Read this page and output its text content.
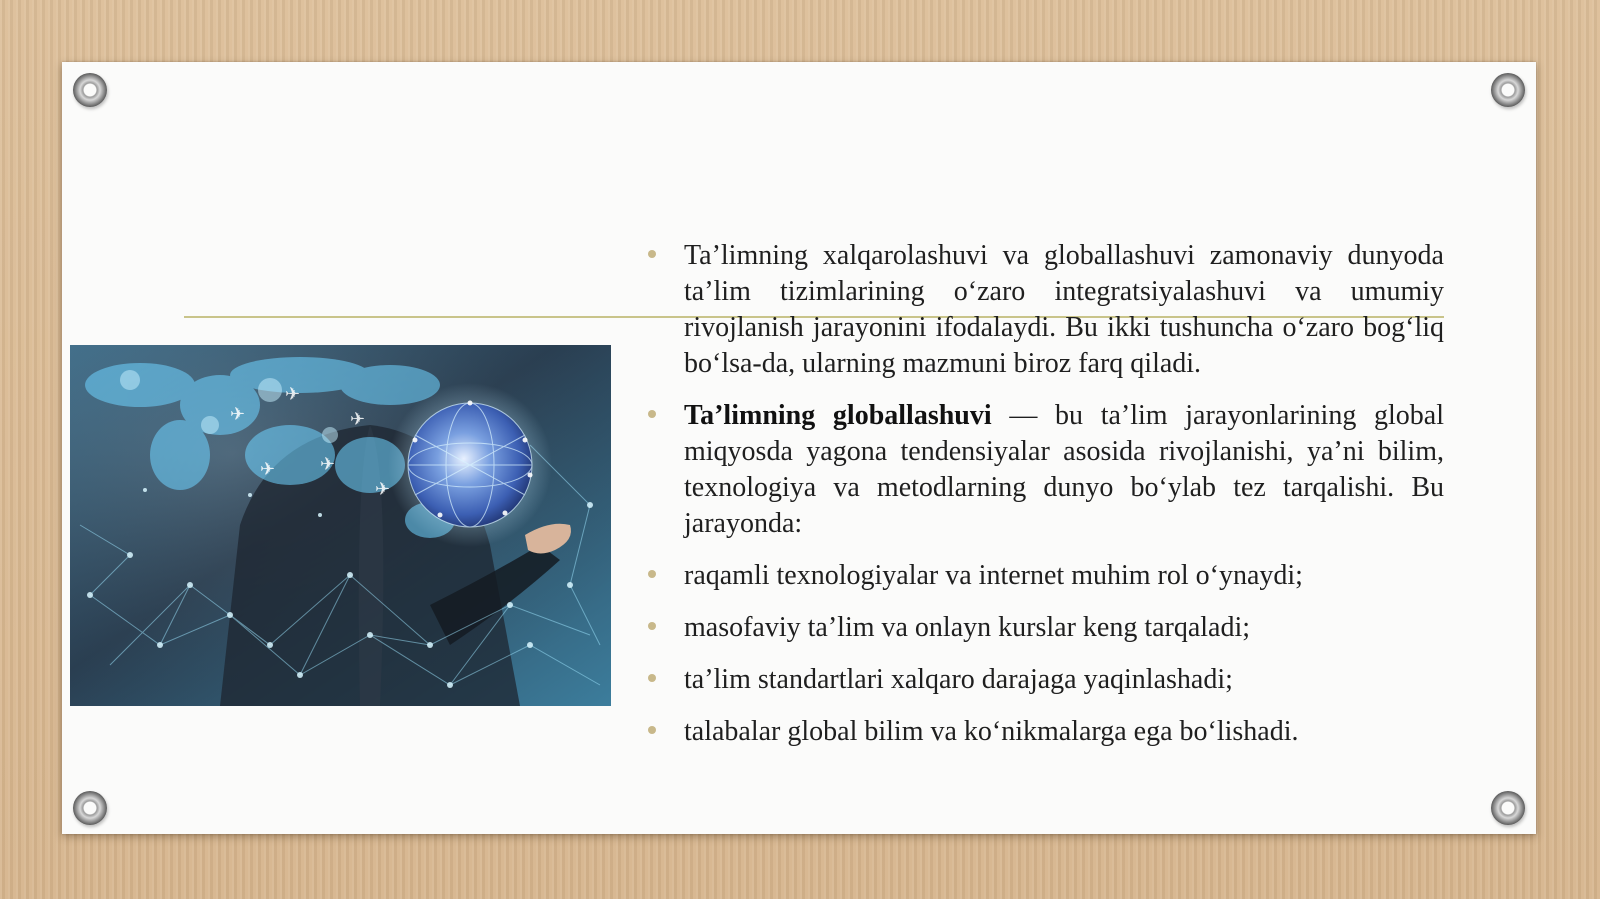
✈
✈
✈
✈
✈
✈

Ta’limning xalqarolashuvi va globallashuvi zamonaviy dunyoda ta’lim tizimlarining o‘zaro integratsiyalashuvi va umumiy rivojlanish jarayonini ifodalaydi. Bu ikki tushuncha o‘zaro bog‘liq bo‘lsa-da, ularning mazmuni biroz farq qiladi.

Ta’limning globallashuvi — bu ta’lim jarayonlarining global miqyosda yagona tendensiyalar asosida rivojlanishi, ya’ni bilim, texnologiya va metodlarning dunyo bo‘ylab tez tarqalishi. Bu jarayonda:

raqamli texnologiyalar va internet muhim rol o‘ynaydi;

masofaviy ta’lim va onlayn kurslar keng tarqaladi;

ta’lim standartlari xalqaro darajaga yaqinlashadi;

talabalar global bilim va ko‘nikmalarga ega bo‘lishadi.
